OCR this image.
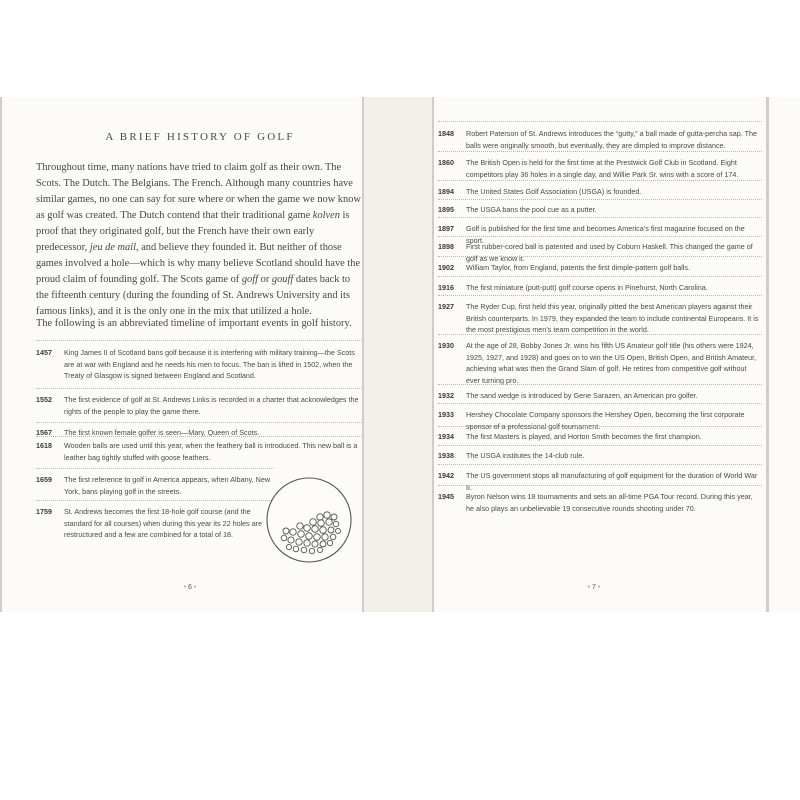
A BRIEF HISTORY OF GOLF

Throughout time, many nations have tried to claim golf as their own. The Scots. The Dutch. The Belgians. The French. Although many countries have similar games, no one can say for sure where or when the game we now know as golf was created. The Dutch contend that their traditional game kolven is proof that they originated golf, but the French have their own early predecessor, jeu de mail, and believe they founded it. But neither of those games involved a hole—which is why many believe Scotland should have the proud claim of founding golf. The Scots game of goff or gouff dates back to the fifteenth century (during the founding of St. Andrews University and its famous links), and it is the only one in the mix that utilized a hole.

The following is an abbreviated timeline of important events in golf history.

1457	King James II of Scotland bans golf because it is interfering with military training—the Scots are at war with England and he needs his men to focus. The ban is lifted in 1502, when the Treaty of Glasgow is signed between England and Scotland.
1552	The first evidence of golf at St. Andrews Links is recorded in a charter that acknowledges the rights of the people to play the game there.
1567	The first known female golfer is seen—Mary, Queen of Scots.
1618	Wooden balls are used until this year, when the feathery ball is introduced. This new ball is a leather bag tightly stuffed with goose feathers.
1659	The first reference to golf in America appears, when Albany, New York, bans playing golf in the streets.
1759	St. Andrews becomes the first 18-hole golf course (and the standard for all courses) when during this year its 22 holes are restructured and a few are combined for a total of 18.
• 6 •
1848	Robert Paterson of St. Andrews introduces the “gutty,” a ball made of gutta-percha sap. The balls were originally smooth, but eventually, they are dimpled to improve distance.
1860	The British Open is held for the first time at the Prestwick Golf Club in Scotland. Eight competitors play 36 holes in a single day, and Willie Park Sr. wins with a score of 174.
1894	The United States Golf Association (USGA) is founded.
1895	The USGA bans the pool cue as a putter.
1897	Golf is published for the first time and becomes America’s first magazine focused on the sport.
1898	First rubber-cored ball is patented and used by Coburn Haskell. This changed the game of golf as we know it.
1902	William Taylor, from England, patents the first dimple-pattern golf balls.
1916	The first miniature (putt-putt) golf course opens in Pinehurst, North Carolina.
1927	The Ryder Cup, first held this year, originally pitted the best American players against their British counterparts. In 1979, they expanded the team to include continental Europeans. It is the most prestigious men’s team competition in the world.
1930	At the age of 28, Bobby Jones Jr. wins his fifth US Amateur golf title (his others were 1924, 1925, 1927, and 1928) and goes on to win the US Open, British Open, and British Amateur, achieving what was then the Grand Slam of golf. He retires from competitive golf without ever turning pro.
1932	The sand wedge is introduced by Gene Sarazen, an American pro golfer.
1933	Hershey Chocolate Company sponsors the Hershey Open, becoming the first corporate sponsor of a professional golf tournament.
1934	The first Masters is played, and Horton Smith becomes the first champion.
1938	The USGA institutes the 14-club rule.
1942	The US government stops all manufacturing of golf equipment for the duration of World War II.
1945	Byron Nelson wins 18 tournaments and sets an all-time PGA Tour record. During this year, he also plays an unbelievable 19 consecutive rounds shooting under 70.
• 7 •
